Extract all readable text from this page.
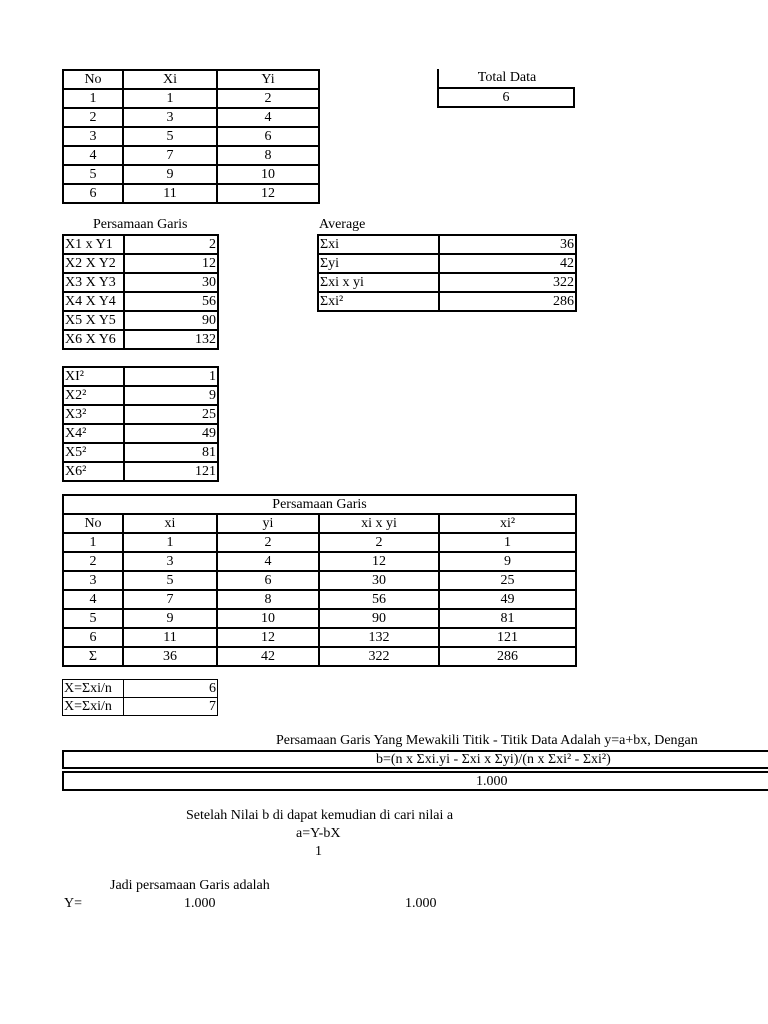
No	Xi	Yi
1	1	2
2	3	4
3	5	6
4	7	8
5	9	10
6	11	12
Total Data
6
Persamaan Garis
X1 x Y1	2
X2 X Y2	12
X3 X Y3	30
X4 X Y4	56
X5 X Y5	90
X6 X Y6	132
Average
Σxi	36
Σyi	42
Σxi x yi	322
Σxi²	286
XI²	1
X2²	9
X3²	25
X4²	49
X5²	81
X6²	121
Persamaan Garis				
No	xi	yi	xi x yi	xi²
1	1	2	2	1
2	3	4	12	9
3	5	6	30	25
4	7	8	56	49
5	9	10	90	81
6	11	12	132	121
Σ	36	42	322	286
X=Σxi/n	6
X=Σxi/n	7
Persamaan Garis Yang Mewakili Titik - Titik Data Adalah y=a+bx, Dengan
b=(n x Σxi.yi - Σxi x Σyi)/(n x Σxi² - Σxi²)
1.000
Setelah Nilai b di dapat kemudian di cari nilai a
a=Y-bX
1
Jadi persamaan Garis adalah
Y=	1.000	1.000
